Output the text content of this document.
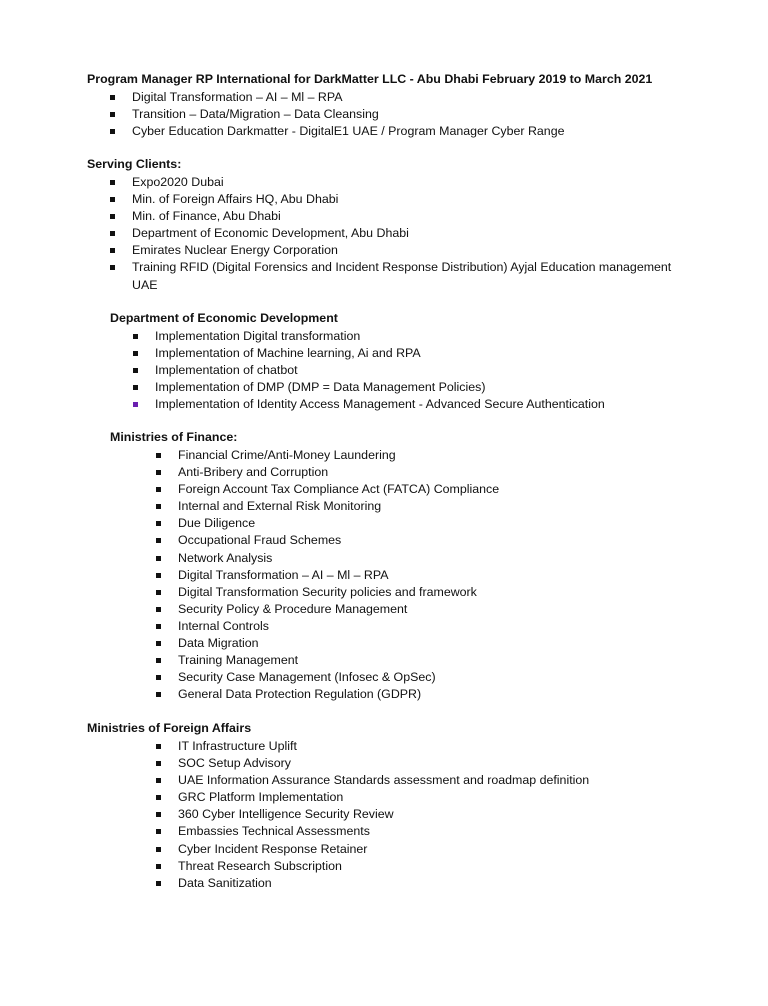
Program Manager RP International for DarkMatter LLC - Abu Dhabi February 2019 to March 2021
Digital Transformation – AI – Ml – RPA
Transition – Data/Migration – Data Cleansing
Cyber Education Darkmatter - DigitalE1 UAE / Program Manager Cyber Range
Serving Clients:
Expo2020 Dubai
Min. of Foreign Affairs HQ, Abu Dhabi
Min. of Finance, Abu Dhabi
Department of Economic Development, Abu Dhabi
Emirates Nuclear Energy Corporation
Training RFID (Digital Forensics and Incident Response Distribution) Ayjal Education management UAE
Department of Economic Development
Implementation Digital transformation
Implementation of Machine learning, Ai and RPA
Implementation of chatbot
Implementation of DMP (DMP = Data Management Policies)
Implementation of Identity Access Management - Advanced Secure Authentication
Ministries of Finance:
Financial Crime/Anti-Money Laundering
Anti-Bribery and Corruption
Foreign Account Tax Compliance Act (FATCA) Compliance
Internal and External Risk Monitoring
Due Diligence
Occupational Fraud Schemes
Network Analysis
Digital Transformation – AI – Ml – RPA
Digital Transformation Security policies and framework
Security Policy & Procedure Management
Internal Controls
Data Migration
Training Management
Security Case Management (Infosec & OpSec)
General Data Protection Regulation (GDPR)
Ministries of Foreign Affairs
IT Infrastructure Uplift
SOC Setup Advisory
UAE Information Assurance Standards assessment and roadmap definition
GRC Platform Implementation
360 Cyber Intelligence Security Review
Embassies Technical Assessments
Cyber Incident Response Retainer
Threat Research Subscription
Data Sanitization
